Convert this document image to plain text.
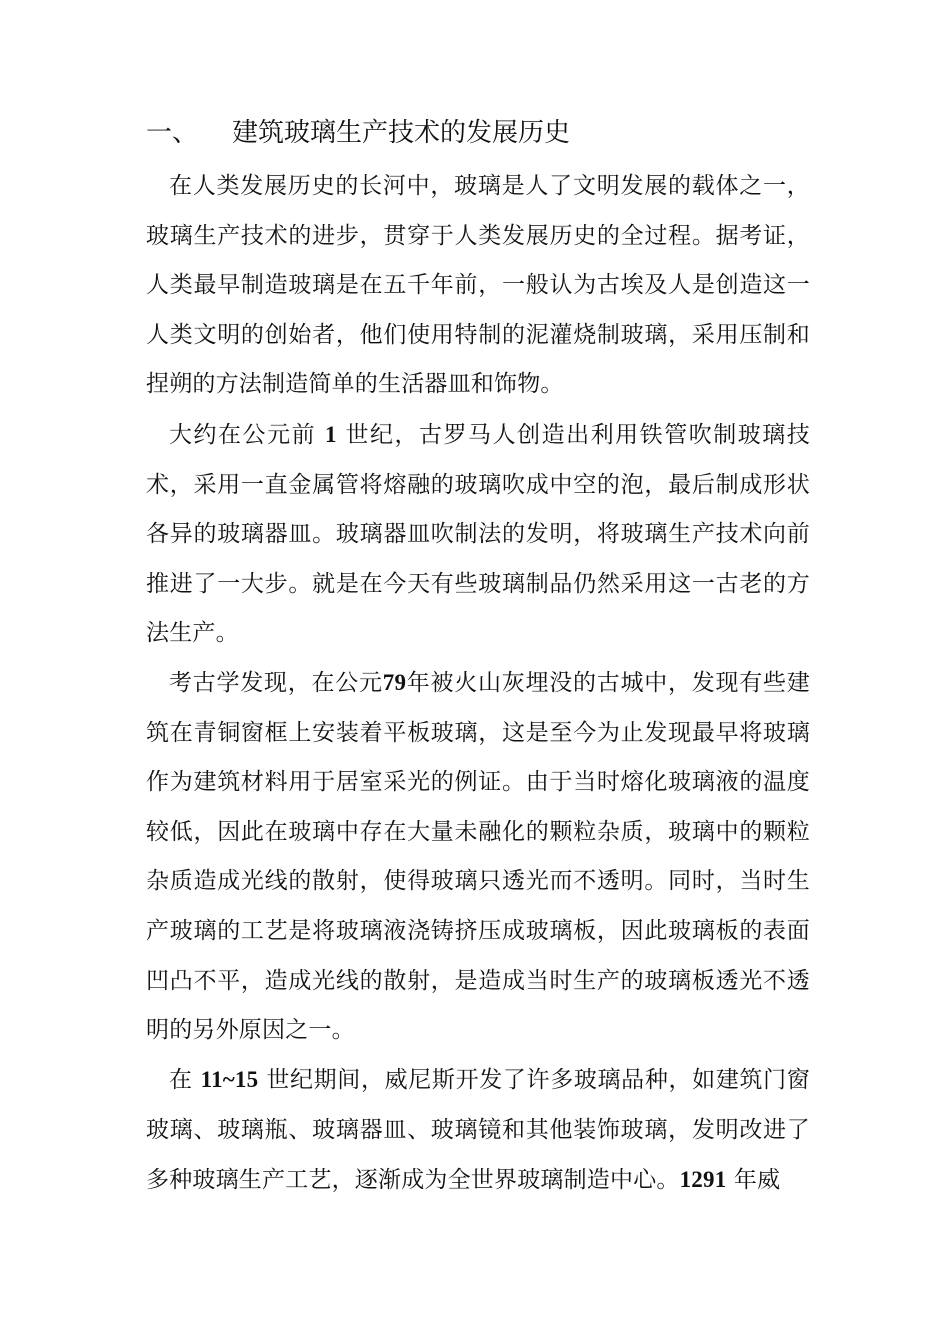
一、 建筑玻璃生产技术的发展历史

在人类发展历史的长河中，玻璃是人了文明发展的载体之一，玻璃生产技术的进步，贯穿于人类发展历史的全过程。据考证，人类最早制造玻璃是在五千年前，一般认为古埃及人是创造这一人类文明的创始者，他们使用特制的泥灌烧制玻璃，采用压制和捏朔的方法制造简单的生活器皿和饰物。

大约在公元前 1 世纪，古罗马人创造出利用铁管吹制玻璃技术，采用一直金属管将熔融的玻璃吹成中空的泡，最后制成形状各异的玻璃器皿。玻璃器皿吹制法的发明，将玻璃生产技术向前推进了一大步。就是在今天有些玻璃制品仍然采用这一古老的方法生产。

考古学发现，在公元79年被火山灰埋没的古城中，发现有些建筑在青铜窗框上安装着平板玻璃，这是至今为止发现最早将玻璃作为建筑材料用于居室采光的例证。由于当时熔化玻璃液的温度较低，因此在玻璃中存在大量未融化的颗粒杂质，玻璃中的颗粒杂质造成光线的散射，使得玻璃只透光而不透明。同时，当时生产玻璃的工艺是将玻璃液浇铸挤压成玻璃板，因此玻璃板的表面凹凸不平，造成光线的散射，是造成当时生产的玻璃板透光不透明的另外原因之一。

在 11~15 世纪期间，威尼斯开发了许多玻璃品种，如建筑门窗玻璃、玻璃瓶、玻璃器皿、玻璃镜和其他装饰玻璃，发明改进了多种玻璃生产工艺，逐渐成为全世界玻璃制造中心。1291 年威
